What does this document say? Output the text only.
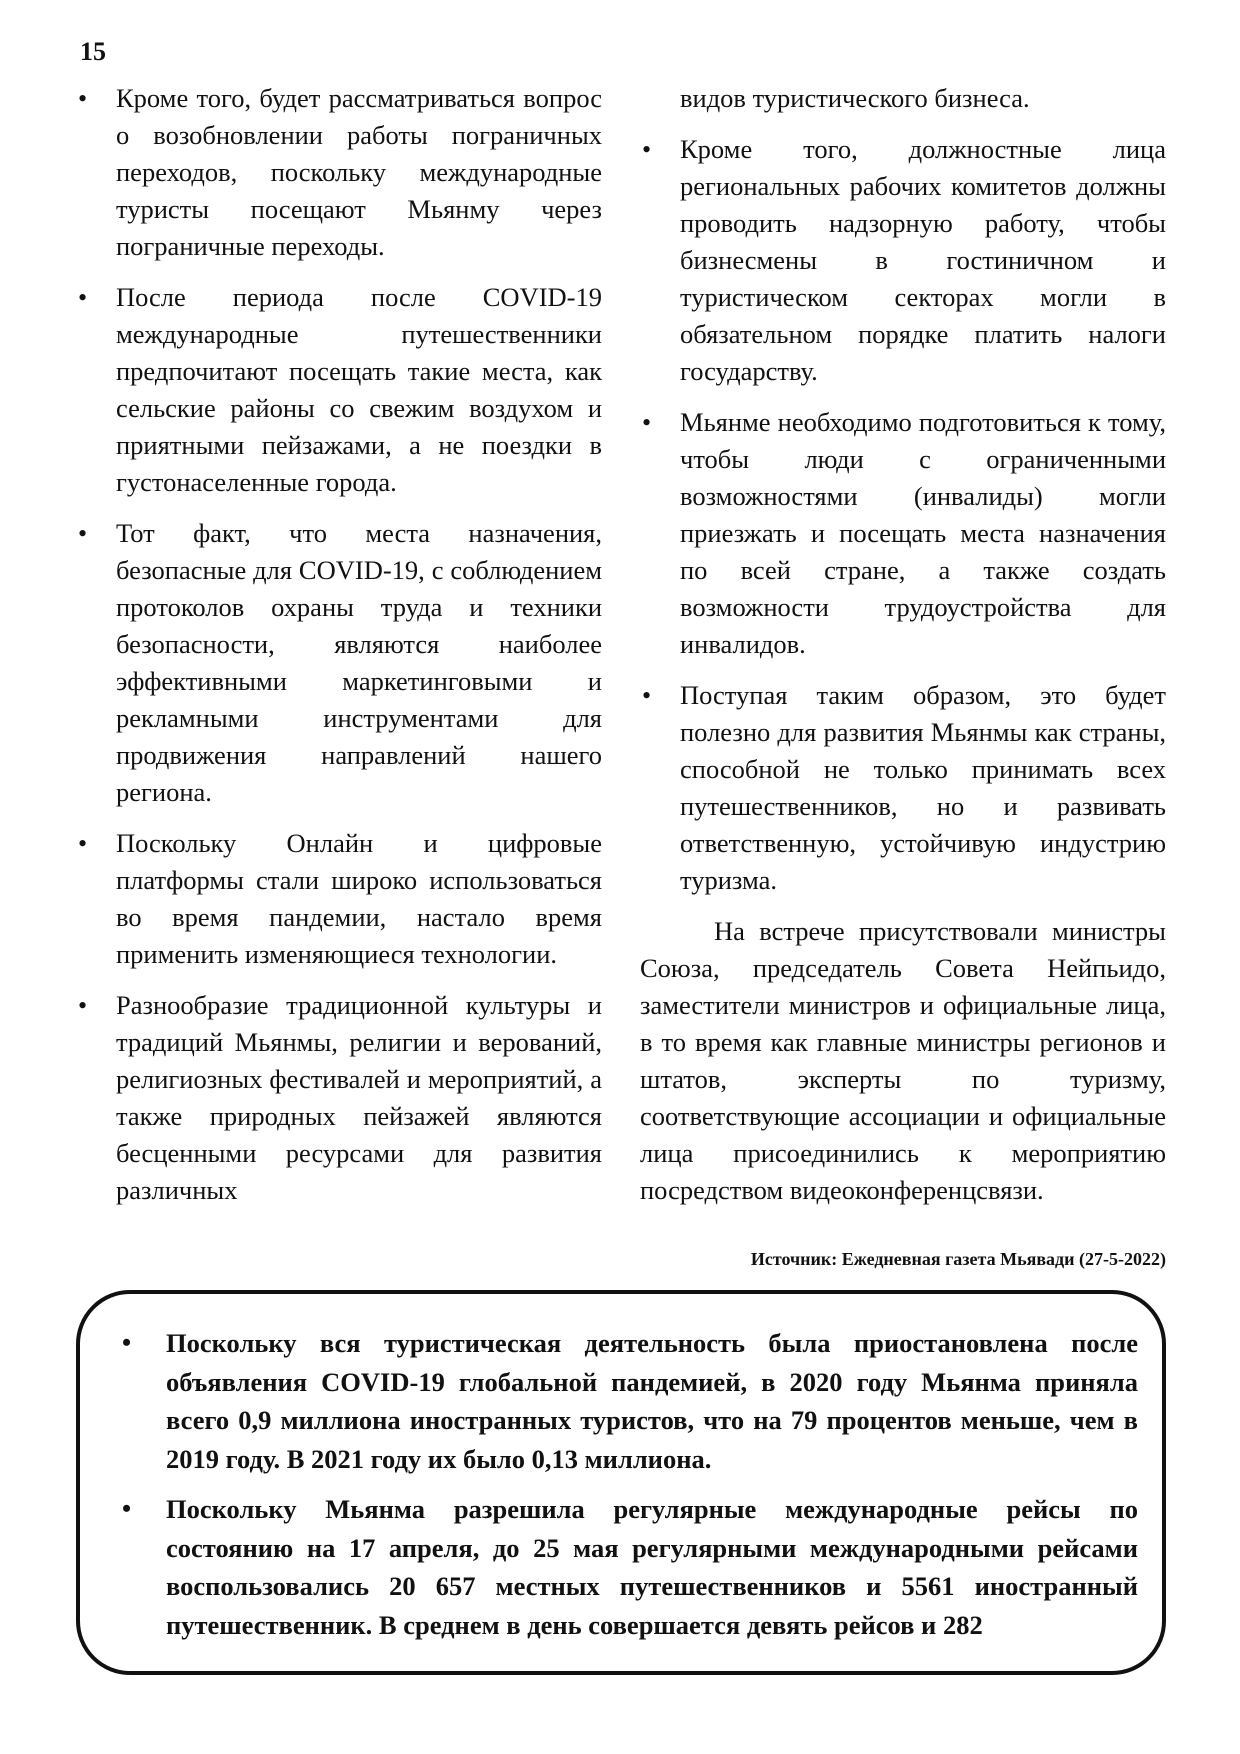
15
• Кроме того, будет рассматриваться вопрос о возобновлении работы пограничных переходов, поскольку международные туристы посещают Мьянму через пограничные переходы.
• После периода после COVID-19 международные путешественники предпочитают посещать такие места, как сельские районы со свежим воздухом и приятными пейзажами, а не поездки в густонаселенные города.
• Тот факт, что места назначения, безопасные для COVID-19, с соблюдением протоколов охраны труда и техники безопасности, являются наиболее эффективными маркетинговыми и рекламными инструментами для продвижения направлений нашего региона.
• Поскольку Онлайн и цифровые платформы стали широко использоваться во время пандемии, настало время применить изменяющиеся технологии.
• Разнообразие традиционной культуры и традиций Мьянмы, религии и верований, религиозных фестивалей и мероприятий, а также природных пейзажей являются бесценными ресурсами для развития различных

видов туристического бизнеса.

• Кроме того, должностные лица региональных рабочих комитетов должны проводить надзорную работу, чтобы бизнесмены в гостиничном и туристическом секторах могли в обязательном порядке платить налоги государству.
• Мьянме необходимо подготовиться к тому, чтобы люди с ограниченными возможностями (инвалиды) могли приезжать и посещать места назначения по всей стране, а также создать возможности трудоустройства для инвалидов.
• Поступая таким образом, это будет полезно для развития Мьянмы как страны, способной не только принимать всех путешественников, но и развивать ответственную, устойчивую индустрию туризма.

На встрече присутствовали министры Союза, председатель Совета Нейпьидо, заместители министров и официальные лица, в то время как главные министры регионов и штатов, эксперты по туризму, соответствующие ассоциации и официальные лица присоединились к мероприятию посредством видеоконференцсвязи.

Источник: Ежедневная газета Мьявади (27-5-2022)
• Поскольку вся туристическая деятельность была приостановлена после объявления COVID-19 глобальной пандемией, в 2020 году Мьянма приняла всего 0,9 миллиона иностранных туристов, что на 79 процентов меньше, чем в 2019 году. В 2021 году их было 0,13 миллиона.
• Поскольку Мьянма разрешила регулярные международные рейсы по состоянию на 17 апреля, до 25 мая регулярными международными рейсами воспользовались 20 657 местных путешественников и 5561 иностранный путешественник. В среднем в день совершается девять рейсов и 282
